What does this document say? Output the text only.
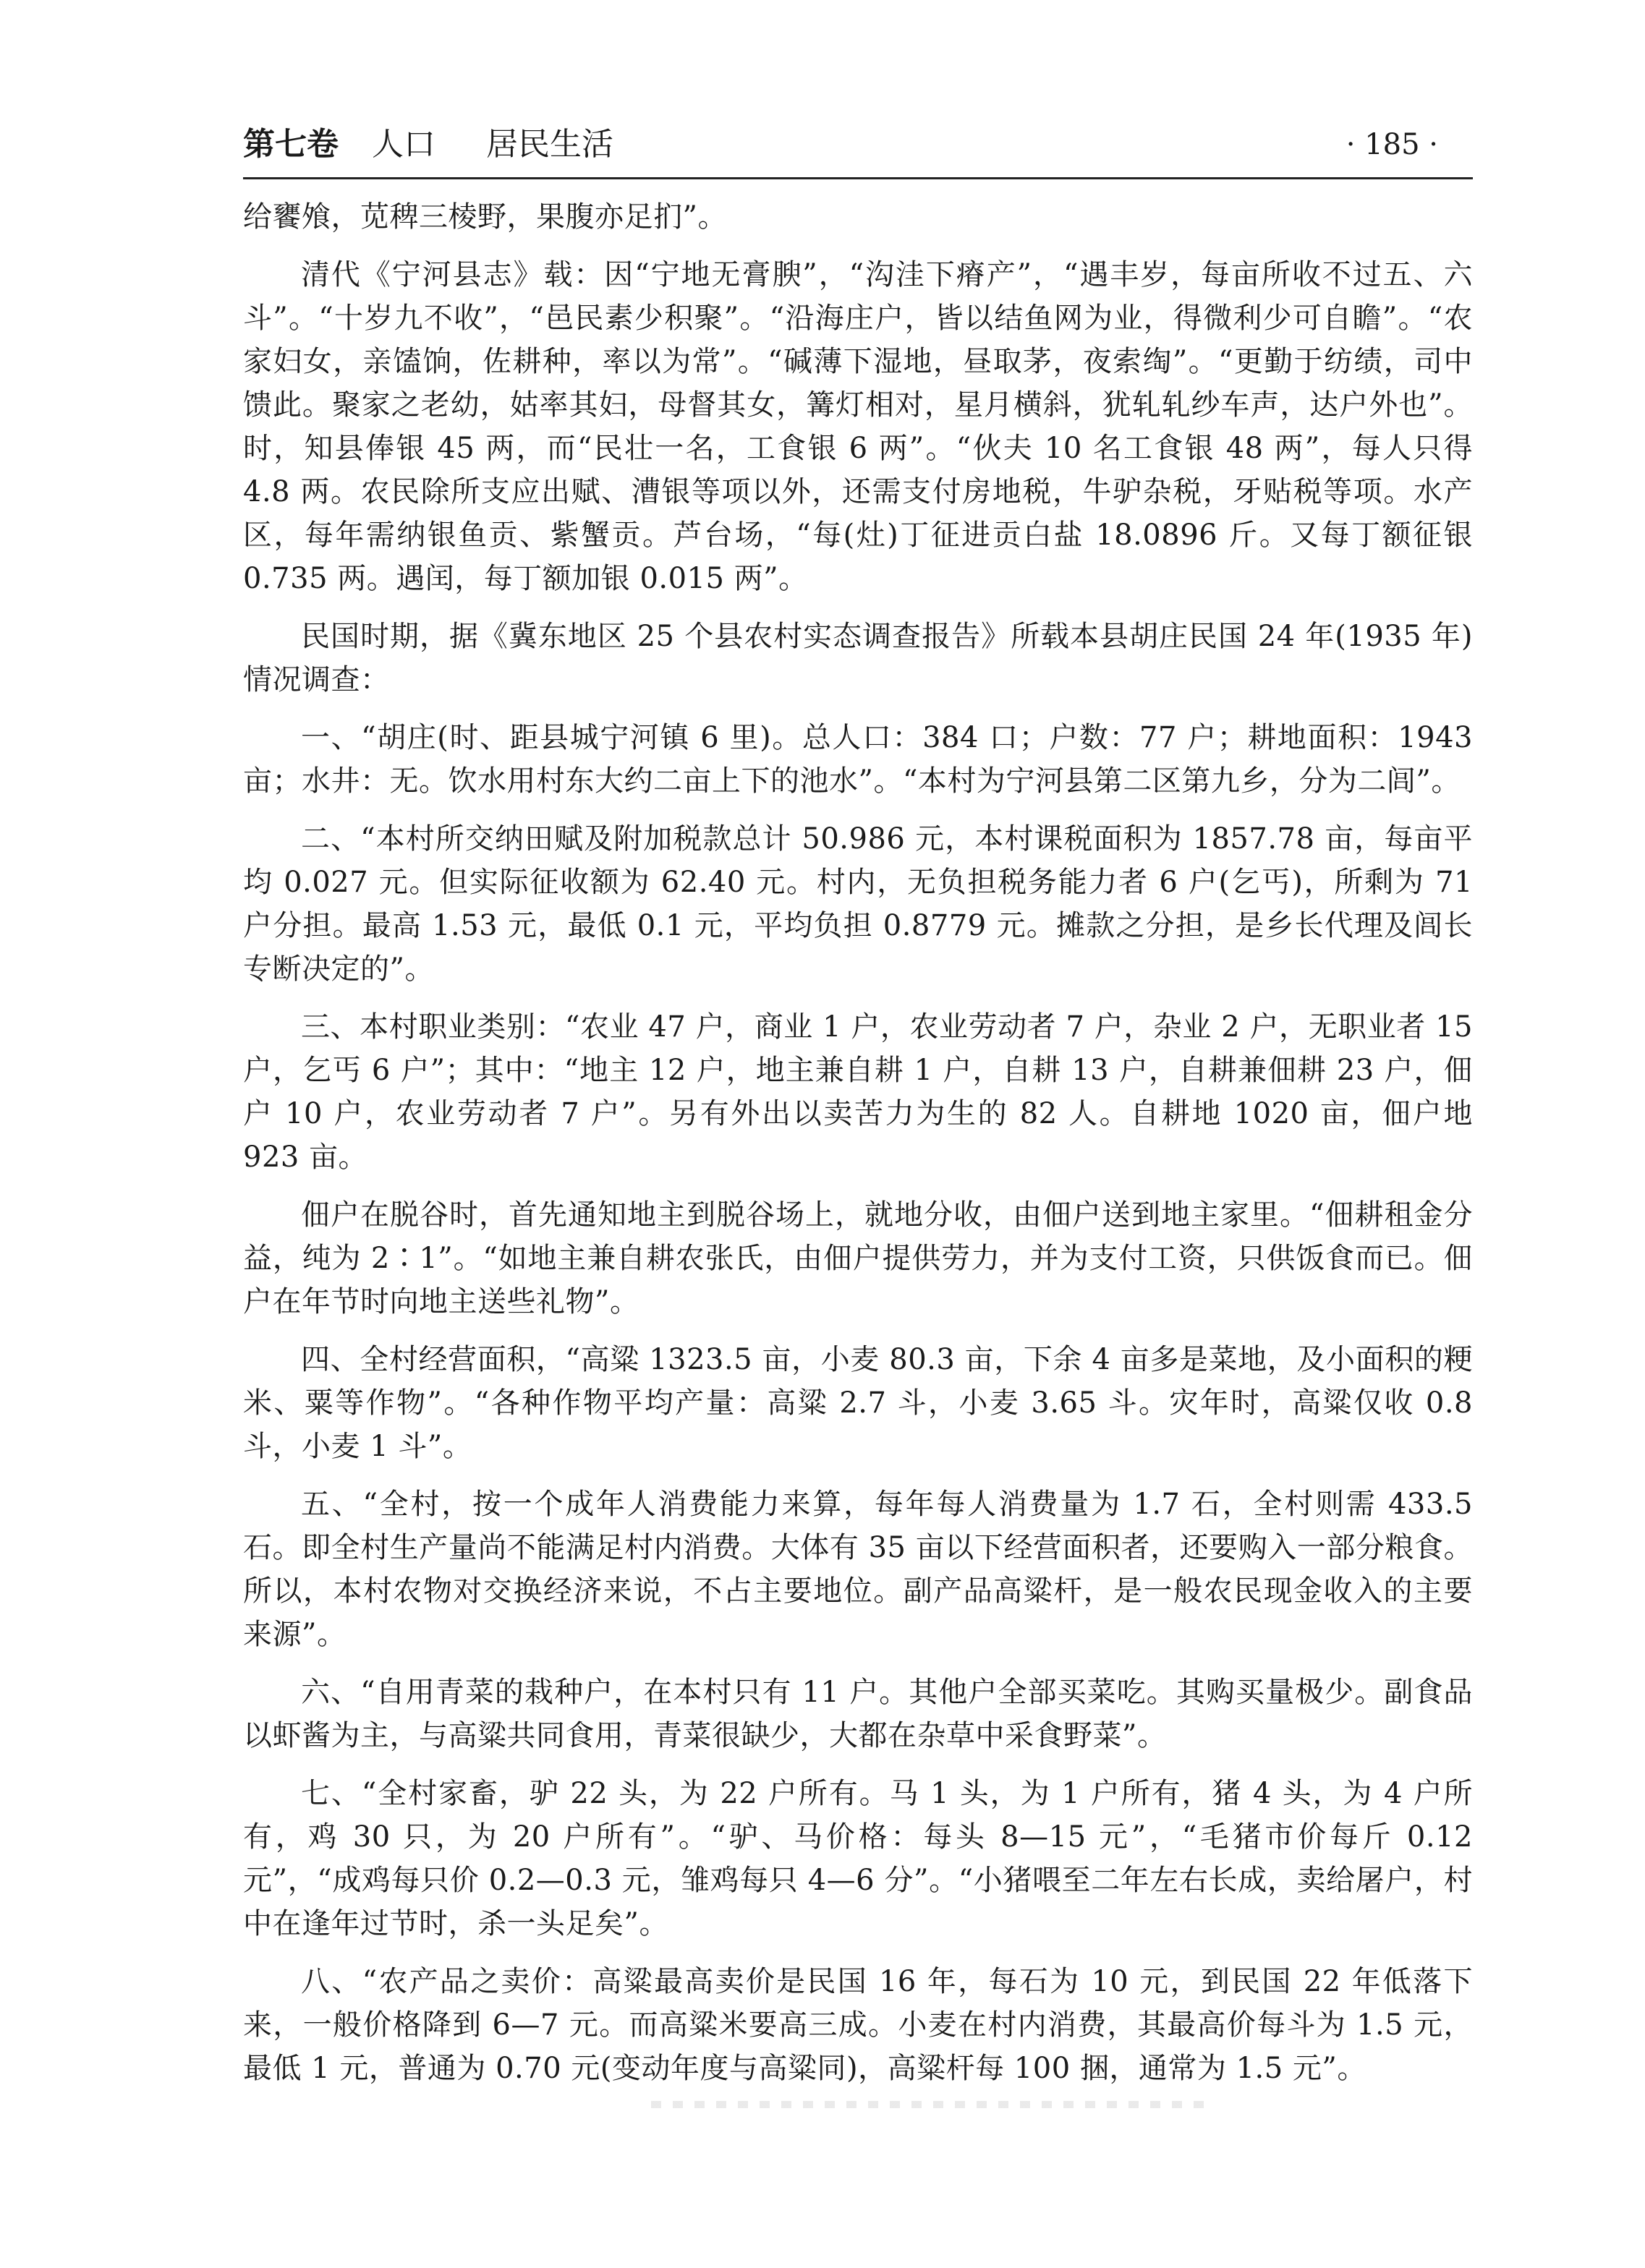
第七卷 人口 居民生活	· 185 ·

给饔飧，苋稗三棱野，果腹亦足扪”。

清代《宁河县志》载：因“宁地无膏腴”，“沟洼下瘠产”，“遇丰岁，每亩所收不过五、六斗”。“十岁九不收”，“邑民素少积聚”。“沿海庄户，皆以结鱼网为业，得微利少可自瞻”。“农家妇女，亲馌饷，佐耕种，率以为常”。“碱薄下湿地，昼取茅，夜索绹”。“更勤于纺绩，司中馈此。聚家之老幼，姑率其妇，母督其女，篝灯相对，星月横斜，犹轧轧纱车声，达户外也”。时，知县俸银 45 两，而“民壮一名，工食银 6 两”。“伙夫 10 名工食银 48 两”，每人只得 4.8 两。农民除所支应出赋、漕银等项以外，还需支付房地税，牛驴杂税，牙贴税等项。水产区，每年需纳银鱼贡、紫蟹贡。芦台场，“每(灶)丁征进贡白盐 18.0896 斤。又每丁额征银 0.735 两。遇闰，每丁额加银 0.015 两”。

民国时期，据《冀东地区 25 个县农村实态调查报告》所载本县胡庄民国 24 年(1935 年)情况调查：

一、“胡庄(时、距县城宁河镇 6 里)。总人口：384 口；户数：77 户；耕地面积：1943 亩；水井：无。饮水用村东大约二亩上下的池水”。“本村为宁河县第二区第九乡，分为二闾”。

二、“本村所交纳田赋及附加税款总计 50.986 元，本村课税面积为 1857.78 亩，每亩平均 0.027 元。但实际征收额为 62.40 元。村内，无负担税务能力者 6 户(乞丐)，所剩为 71 户分担。最高 1.53 元，最低 0.1 元，平均负担 0.8779 元。摊款之分担，是乡长代理及闾长专断决定的”。

三、本村职业类别：“农业 47 户，商业 1 户，农业劳动者 7 户，杂业 2 户，无职业者 15 户，乞丐 6 户”；其中：“地主 12 户，地主兼自耕 1 户，自耕 13 户，自耕兼佃耕 23 户，佃户 10 户，农业劳动者 7 户”。另有外出以卖苦力为生的 82 人。自耕地 1020 亩，佃户地 923 亩。

佃户在脱谷时，首先通知地主到脱谷场上，就地分收，由佃户送到地主家里。“佃耕租金分益，纯为 2∶1”。“如地主兼自耕农张氏，由佃户提供劳力，并为支付工资，只供饭食而已。佃户在年节时向地主送些礼物”。

四、全村经营面积，“高粱 1323.5 亩，小麦 80.3 亩，下余 4 亩多是菜地，及小面积的粳米、粟等作物”。“各种作物平均产量：高粱 2.7 斗，小麦 3.65 斗。灾年时，高粱仅收 0.8 斗，小麦 1 斗”。

五、“全村，按一个成年人消费能力来算，每年每人消费量为 1.7 石，全村则需 433.5 石。即全村生产量尚不能满足村内消费。大体有 35 亩以下经营面积者，还要购入一部分粮食。所以，本村农物对交换经济来说，不占主要地位。副产品高粱杆，是一般农民现金收入的主要来源”。

六、“自用青菜的栽种户，在本村只有 11 户。其他户全部买菜吃。其购买量极少。副食品以虾酱为主，与高粱共同食用，青菜很缺少，大都在杂草中采食野菜”。

七、“全村家畜，驴 22 头，为 22 户所有。马 1 头，为 1 户所有，猪 4 头，为 4 户所有，鸡 30 只，为 20 户所有”。“驴、马价格：每头 8—15 元”，“毛猪市价每斤 0.12 元”，“成鸡每只价 0.2—0.3 元，雏鸡每只 4—6 分”。“小猪喂至二年左右长成，卖给屠户，村中在逢年过节时，杀一头足矣”。

八、“农产品之卖价：高粱最高卖价是民国 16 年，每石为 10 元，到民国 22 年低落下来，一般价格降到 6—7 元。而高粱米要高三成。小麦在村内消费，其最高价每斗为 1.5 元，最低 1 元，普通为 0.70 元(变动年度与高粱同)，高粱杆每 100 捆，通常为 1.5 元”。
